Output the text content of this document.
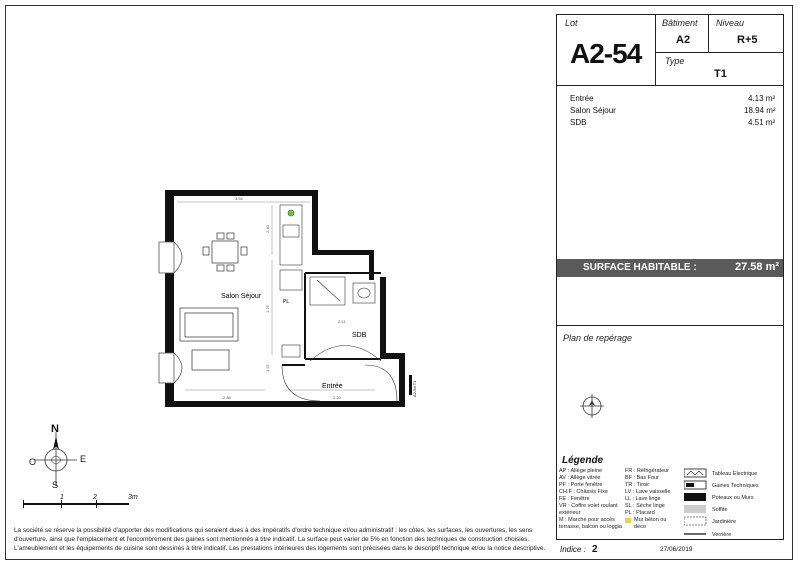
Lot
A2-54
Bâtiment
A2
Niveau
R+5
Type
T1
Entrée	4.13 m²
Salon Séjour	18.94 m²
SDB	4.51 m²
SURFACE HABITABLE :	27.58 m²
Plan de repérage
3.54
2.40
1.76
1.97
2.88	2.20
2.11
Salon Séjour
SDB
Entrée
PL
A2-54 T1
N
S
O	E
1	2	3m
Légende
AP : Allège pleine
AV : Allège vitrée
PF : Porte fenêtre
CH.F : Châssis Fixe
FE : Fenêtre
VR : Coffre volet roulant extérieur
M : Marche pour accès terrasse, balcon ou loggia
FR : Réfrigérateur
BF : Bas Four
TR : Tiroir
LV : Lave vaisselle
LL : Lave linge
SL : Sèche linge
PL : Placard
Mur béton ou déco
Tableau Electrique
Gaines Techniques
Poteaux ou Murs
Soffite
Jardinière
Verrière
La société se réserve la possibilité d'apporter des modifications qui seraient dues à des impératifs d'ordre technique et/ou administratif : les côtes, les surfaces, les ouvertures, les sens
d'ouverture, ainsi que l'emplacement et l'encombrement des gaines sont mentionnés à titre indicatif. La surface peut varier de 5% en fonction des techniques de construction choisies.
L'ameublement et les équipements de cuisine sont dessinés à titre indicatif. Les prestations intérieures des logements sont précisées dans le descriptif technique et/ou la notice descriptive.	Indice : 2	27/06/2019
